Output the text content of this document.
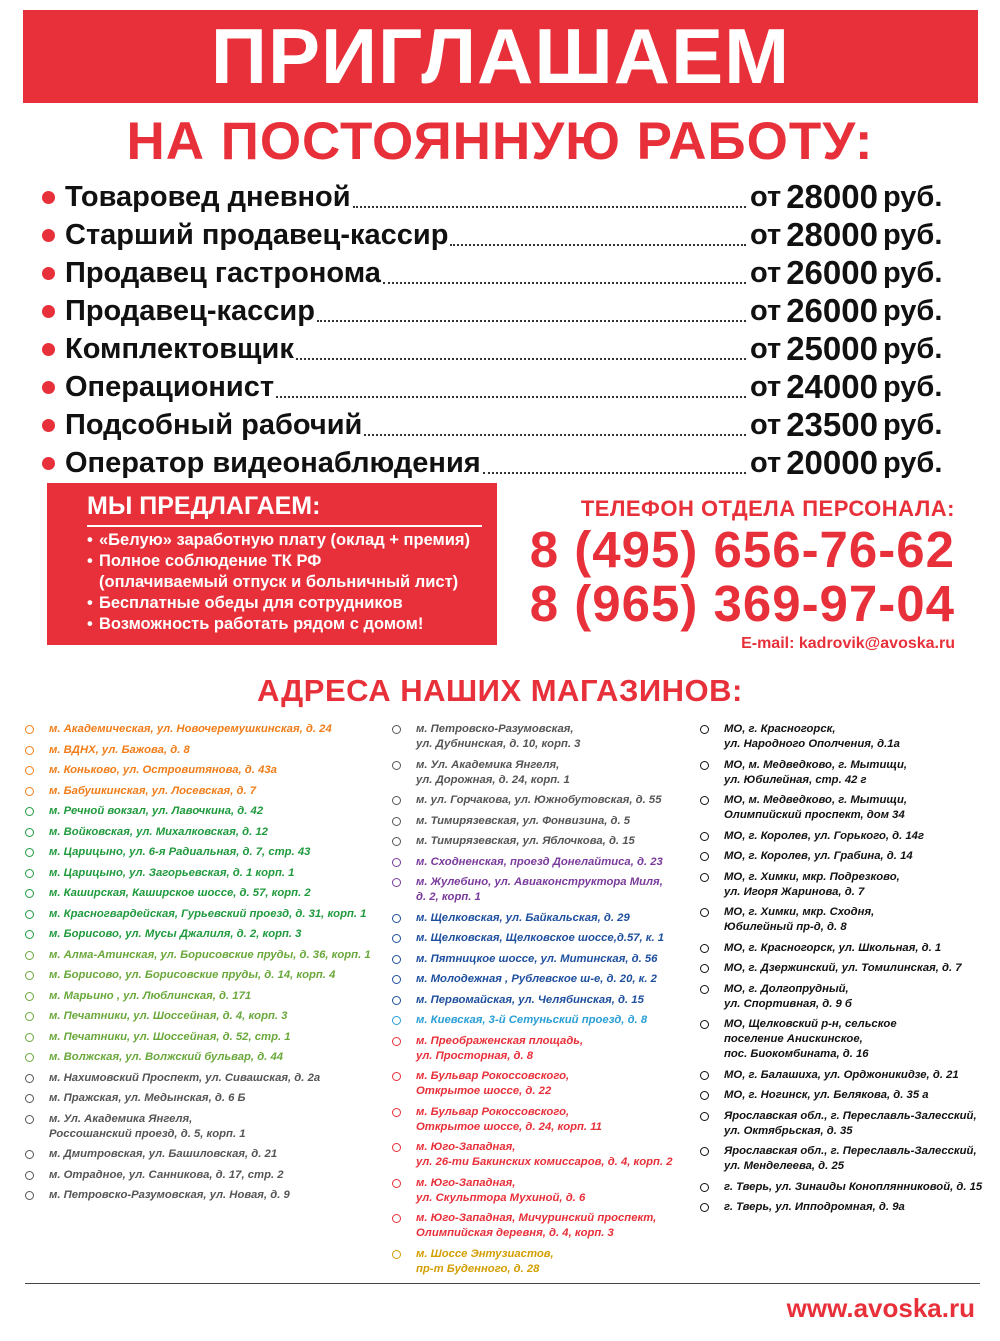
ПРИГЛАШАЕМ
НА ПОСТОЯННУЮ РАБОТУ:
Товаровед дневной	от 28000 руб.
Старший продавец-кассир	от 28000 руб.
Продавец гастронома	от 26000 руб.
Продавец-кассир	от 26000 руб.
Комплектовщик	от 25000 руб.
Операционист	от 24000 руб.
Подсобный рабочий	от 23500 руб.
Оператор видеонаблюдения	от 20000 руб.
МЫ ПРЕДЛАГАЕМ:
• «Белую» заработную плату (оклад + премия)
• Полное соблюдение ТК РФ
(оплачиваемый отпуск и больничный лист)
• Бесплатные обеды для сотрудников
• Возможность работать рядом с домом!
ТЕЛЕФОН ОТДЕЛА ПЕРСОНАЛА:
8 (495) 656-76-62
8 (965) 369-97-04
E-mail: kadrovik@avoska.ru
АДРЕСА НАШИХ МАГАЗИНОВ:
м. Академическая, ул. Новочеремушкинская, д. 24
м. ВДНХ, ул. Бажова, д. 8
м. Коньково, ул. Островитянова, д. 43а
м. Бабушкинская, ул. Лосевская, д. 7
м. Речной вокзал, ул. Лавочкина, д. 42
м. Войковская, ул. Михалковская, д. 12
м. Царицыно, ул. 6-я Радиальная, д. 7, стр. 43
м. Царицыно, ул. Загорьевская, д. 1 корп. 1
м. Каширская, Каширское шоссе, д. 57, корп. 2
м. Красногвардейская, Гурьевский проезд, д. 31, корп. 1
м. Борисово, ул. Мусы Джалиля, д. 2, корп. 3
м. Алма-Атинская, ул. Борисовские пруды, д. 36, корп. 1
м. Борисово, ул. Борисовские пруды, д. 14, корп. 4
м. Марьино , ул. Люблинская, д. 171
м. Печатники, ул. Шоссейная, д. 4, корп. 3
м. Печатники, ул. Шоссейная, д. 52, стр. 1
м. Волжская, ул. Волжский бульвар, д. 44
м. Нахимовский Проспект, ул. Сивашская, д. 2а
м. Пражская, ул. Медынская, д. 6 Б
м. Ул. Академика Янгеля,
Россошанский проезд, д. 5, корп. 1
м. Дмитровская, ул. Башиловская, д. 21
м. Отрадное, ул. Санникова, д. 17, стр. 2
м. Петровско-Разумовская, ул. Новая, д. 9
м. Петровско-Разумовская,
ул. Дубнинская, д. 10, корп. 3
м. Ул. Академика Янгеля,
ул. Дорожная, д. 24, корп. 1
м. ул. Горчакова, ул. Южнобутовская, д. 55
м. Тимирязевская, ул. Фонвизина, д. 5
м. Тимирязевская, ул. Яблочкова, д. 15
м. Сходненская, проезд Донелайтиса, д. 23
м. Жулебино, ул. Авиаконструктора Миля,
д. 2, корп. 1
м. Щелковская, ул. Байкальская, д. 29
м. Щелковская, Щелковское шоссе,д.57, к. 1
м. Пятницкое шоссе, ул. Митинская, д. 56
м. Молодежная , Рублевское ш-е, д. 20, к. 2
м. Первомайская, ул. Челябинская, д. 15
м. Киевская, 3-й Сетуньский проезд, д. 8
м. Преображенская площадь,
ул. Просторная, д. 8
м. Бульвар Рокоссовского,
Открытое шоссе, д. 22
м. Бульвар Рокоссовского,
Открытое шоссе, д. 24, корп. 11
м. Юго-Западная,
ул. 26-ти Бакинских комиссаров, д. 4, корп. 2
м. Юго-Западная,
ул. Скульптора Мухиной, д. 6
м. Юго-Западная, Мичуринский проспект,
Олимпийская деревня, д. 4, корп. 3
м. Шоссе Энтузиастов,
пр-т Буденного, д. 28
МО, г. Красногорск,
ул. Народного Ополчения, д.1а
МО, м. Медведково, г. Мытищи,
ул. Юбилейная, стр. 42 г
МО, м. Медведково, г. Мытищи,
Олимпийский проспект, дом 34
МО, г. Королев, ул. Горького, д. 14г
МО, г. Королев, ул. Грабина, д. 14
МО, г. Химки, мкр. Подрезково,
ул. Игоря Жаринова, д. 7
МО, г. Химки, мкр. Сходня,
Юбилейный пр-д, д. 8
МО, г. Красногорск, ул. Школьная, д. 1
МО, г. Дзержинский, ул. Томилинская, д. 7
МО, г. Долгопрудный,
ул. Спортивная, д. 9 б
МО, Щелковский р-н, сельское
поселение Анискинское,
пос. Биокомбината, д. 16
МО, г. Балашиха, ул. Орджоникидзе, д. 21
МО, г. Ногинск, ул. Белякова, д. 35 а
Ярославская обл., г. Переславль-Залесский,
ул. Октябрьская, д. 35
Ярославская обл., г. Переславль-Залесский,
ул. Менделеева, д. 25
г. Тверь, ул. Зинаиды Коноплянниковой, д. 15
г. Тверь, ул. Ипподромная, д. 9а
www.avoska.ru
